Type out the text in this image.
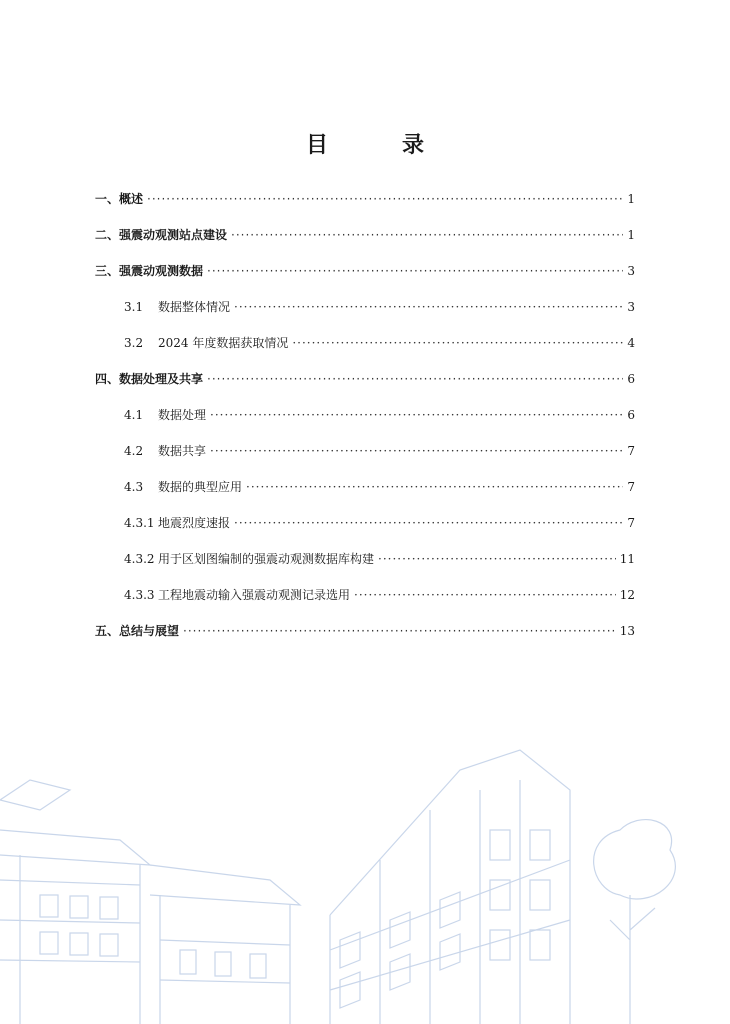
目　录
一、概述 ·····	1
二、强震动观测站点建设 ·····	1
三、强震动观测数据 ·····	3
3.1 数据整体情况 ·····	3
3.2 2024 年度数据获取情况 ·····	4
四、数据处理及共享 ·····	6
4.1 数据处理 ·····	6
4.2 数据共享 ·····	7
4.3 数据的典型应用 ·····	7
4.3.1 地震烈度速报 ·····	7
4.3.2 用于区划图编制的强震动观测数据库构建 ·····	11
4.3.3 工程地震动输入强震动观测记录选用 ·····	12
五、总结与展望 ·····	13
